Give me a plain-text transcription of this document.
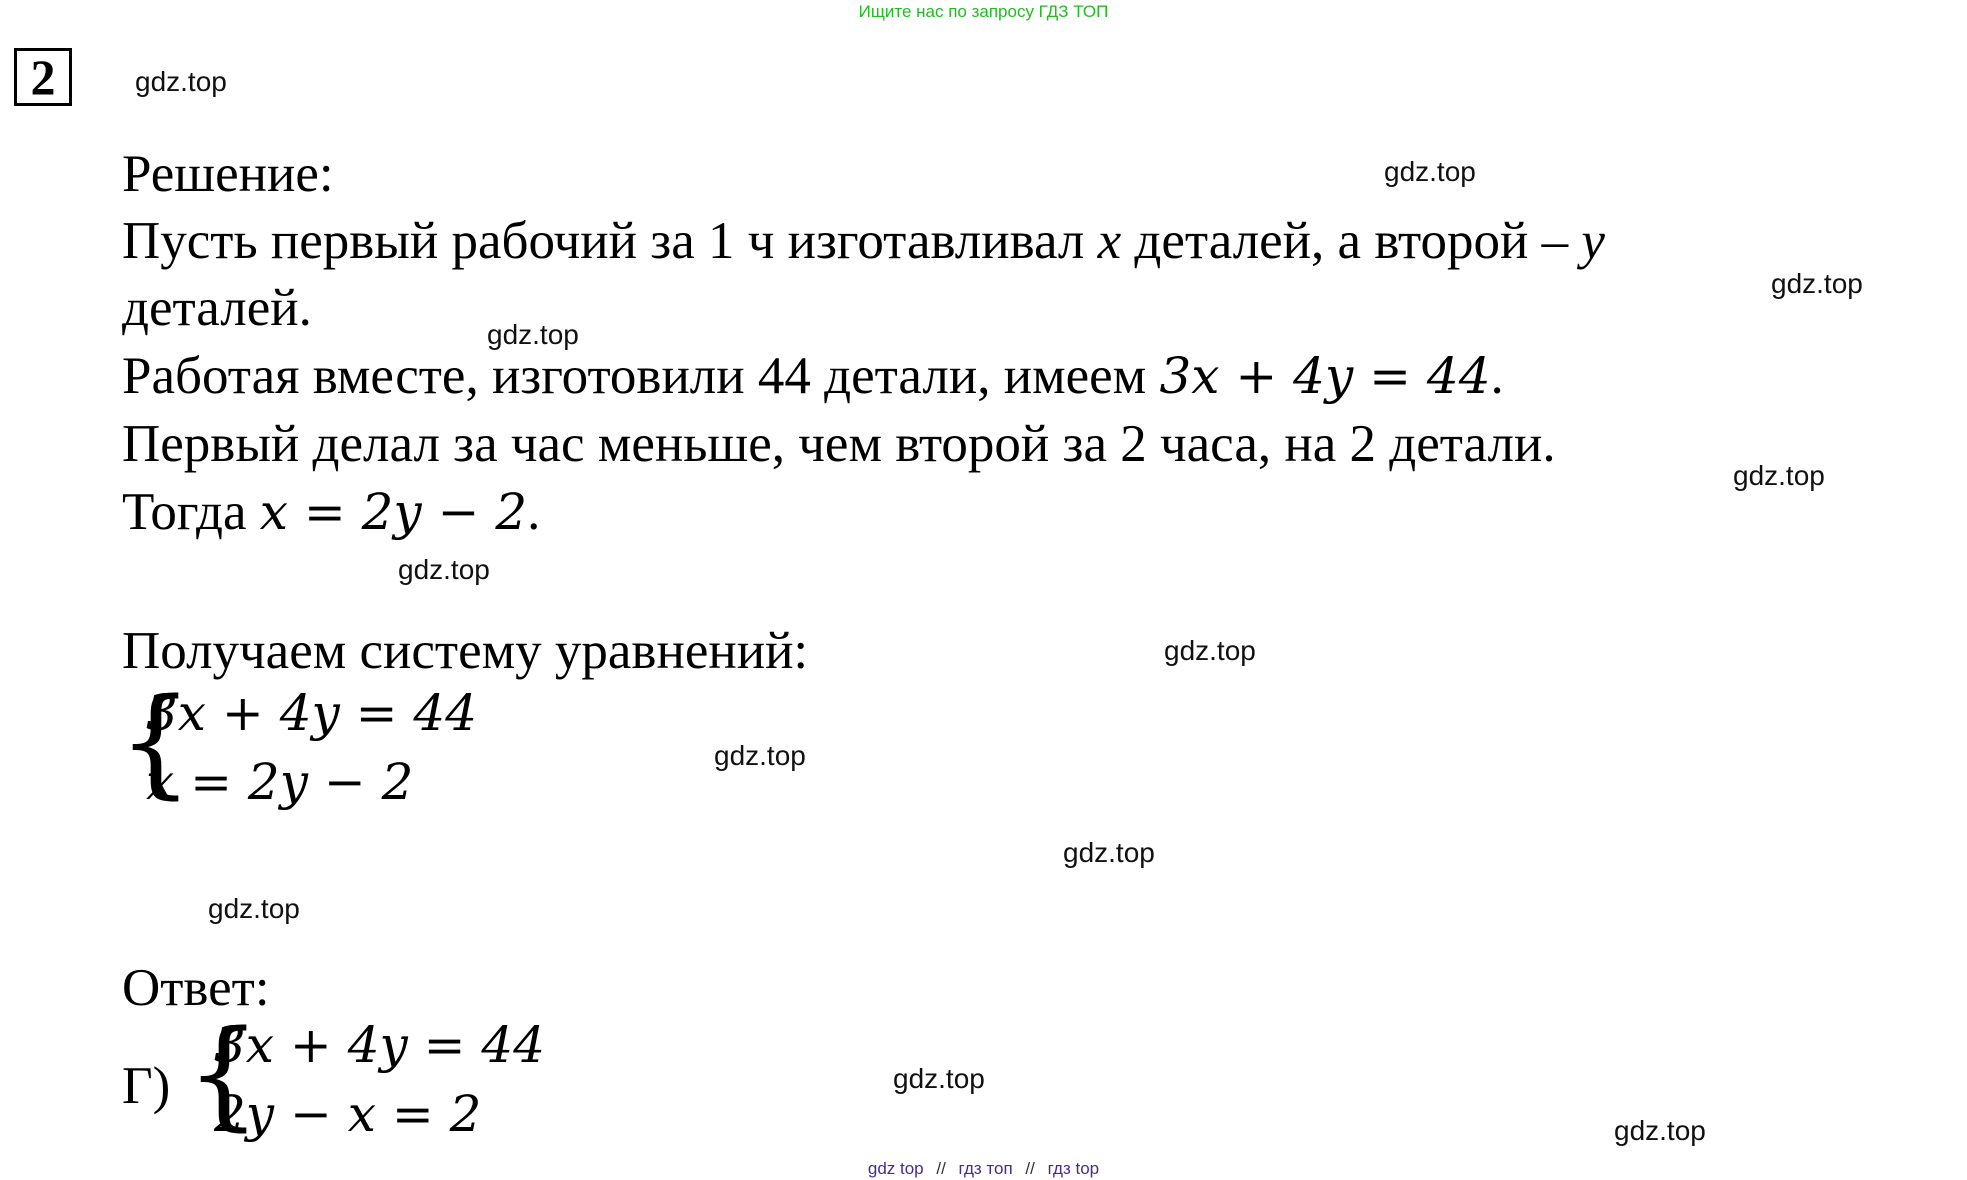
Ищите нас по запросу ГДЗ ТОП
2	gdz.top
gdz.top
gdz.top
gdz.top
gdz.top
gdz.top
gdz.top
gdz.top
gdz.top
gdz.top
gdz.top
gdz.top
Решение:
Пусть первый рабочий за 1 ч изготавливал x деталей, а второй – y
деталей.
Работая вместе, изготовили 44 детали, имеем 3x + 4y = 44.
Первый делал за час меньше, чем второй за 2 часа, на 2 детали.
Тогда x = 2y − 2.
Получаем систему уравнений:
{
3x + 4y = 44
x = 2y − 2
Ответ:
Г) {
3x + 4y = 44
2y − x = 2
gdz top // гдз топ // гдз top
